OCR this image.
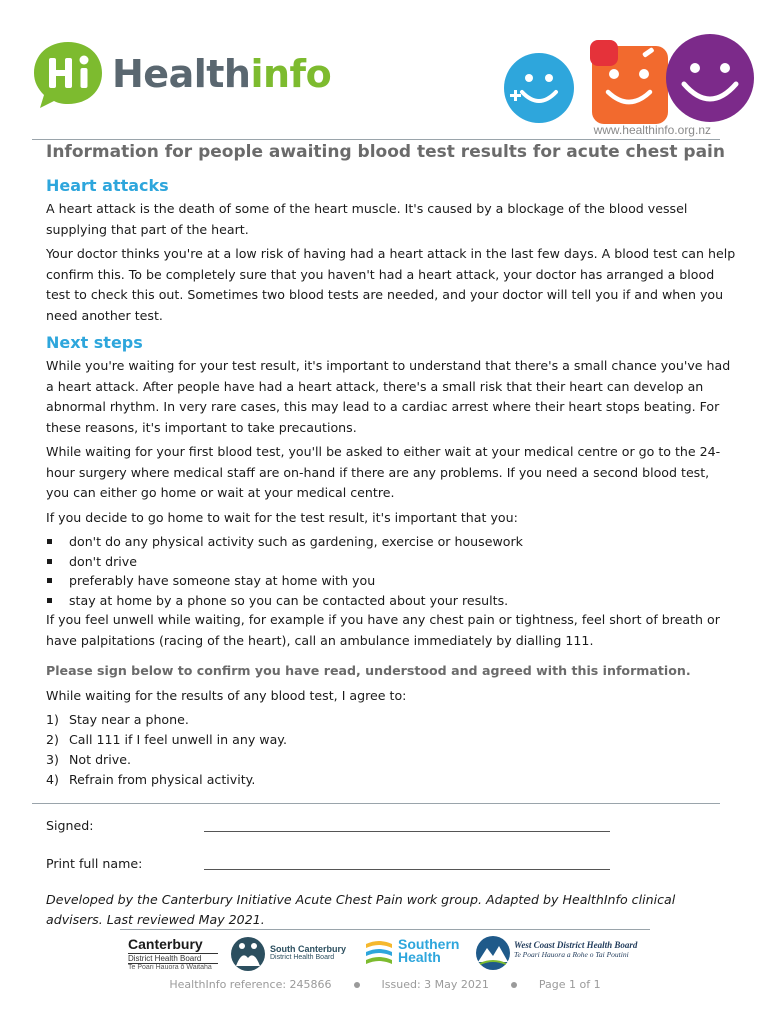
Healthinfo
www.healthinfo.org.nz
Information for people awaiting blood test results for acute chest pain
Heart attacks

A heart attack is the death of some of the heart muscle. It's caused by a blockage of the blood vessel supplying that part of the heart.

Your doctor thinks you're at a low risk of having had a heart attack in the last few days. A blood test can help confirm this. To be completely sure that you haven't had a heart attack, your doctor has arranged a blood test to check this out. Sometimes two blood tests are needed, and your doctor will tell you if and when you need another test.

Next steps

While you're waiting for your test result, it's important to understand that there's a small chance you've had a heart attack. After people have had a heart attack, there's a small risk that their heart can develop an abnormal rhythm. In very rare cases, this may lead to a cardiac arrest where their heart stops beating. For these reasons, it's important to take precautions.

While waiting for your first blood test, you'll be asked to either wait at your medical centre or go to the 24-hour surgery where medical staff are on-hand if there are any problems. If you need a second blood test, you can either go home or wait at your medical centre.

If you decide to go home to wait for the test result, it's important that you:

don't do any physical activity such as gardening, exercise or housework
don't drive
preferably have someone stay at home with you
stay at home by a phone so you can be contacted about your results.

If you feel unwell while waiting, for example if you have any chest pain or tightness, feel short of breath or have palpitations (racing of the heart), call an ambulance immediately by dialling 111.

Please sign below to confirm you have read, understood and agreed with this information.

While waiting for the results of any blood test, I agree to:

1) Stay near a phone.
2) Call 111 if I feel unwell in any way.
3) Not drive.
4) Refrain from physical activity.
Signed:
Print full name:
Developed by the Canterbury Initiative Acute Chest Pain work group. Adapted by HealthInfo clinical advisers. Last reviewed May 2021.
Canterbury
District Health Board
Te Poari Hauora ō Waitaha
South Canterbury
District Health Board
Southern
Health
West Coast District Health Board
Te Poari Hauora a Rohe o Tai Poutini
HealthInfo reference: 245866	Issued: 3 May 2021	Page 1 of 1
